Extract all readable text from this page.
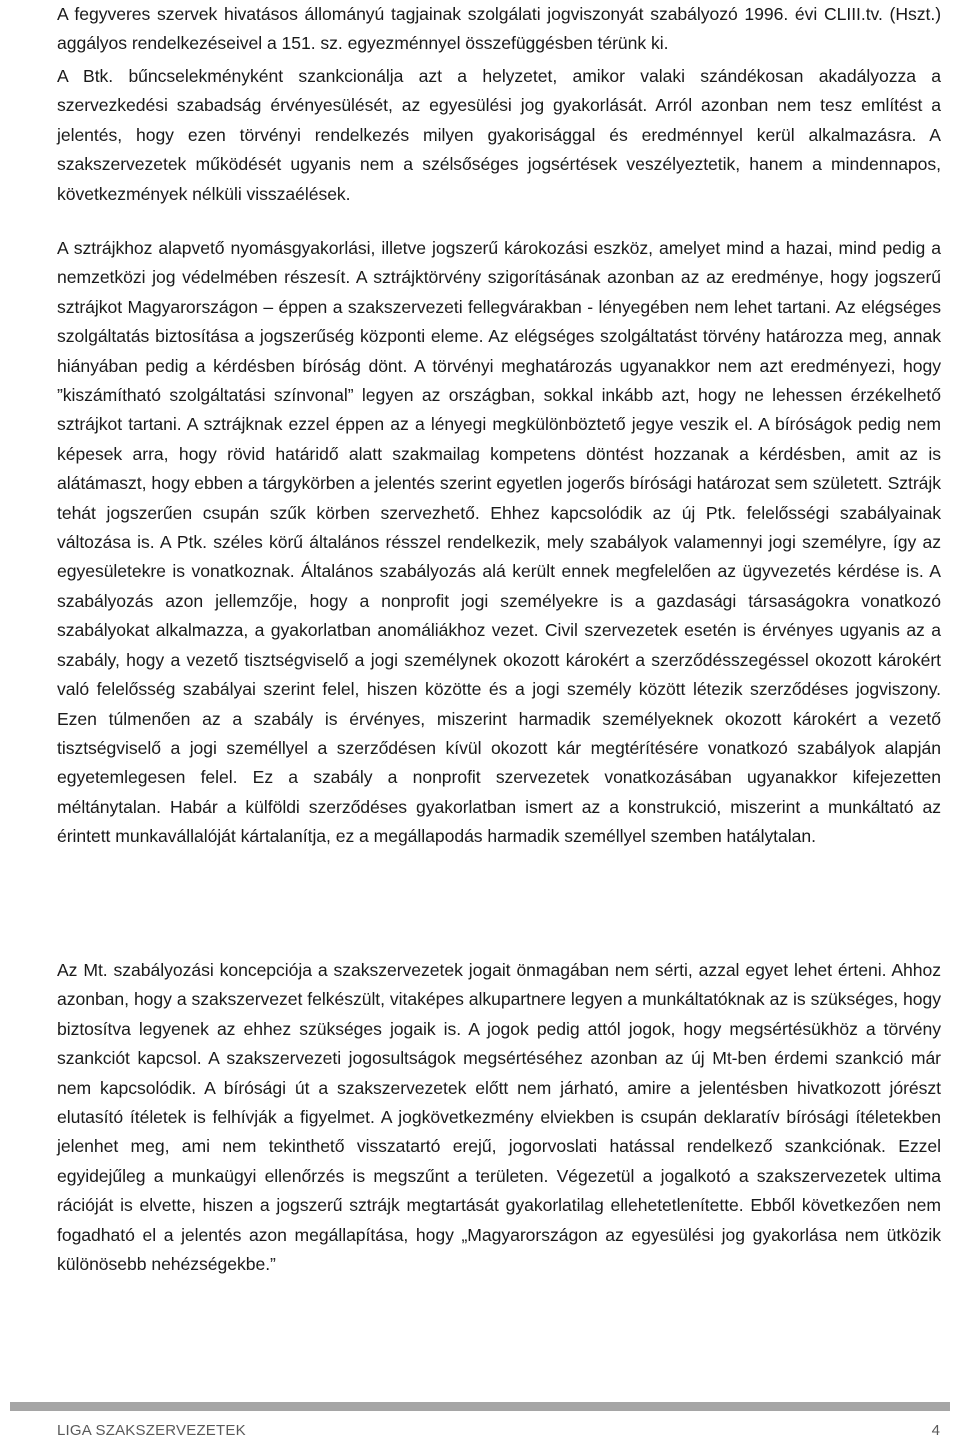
A fegyveres szervek hivatásos állományú tagjainak szolgálati jogviszonyát szabályozó 1996. évi CLIII.tv. (Hszt.) aggályos rendelkezéseivel a 151. sz. egyezménnyel összefüggésben térünk ki.

A Btk. bűncselekményként szankcionálja azt a helyzetet, amikor valaki szándékosan akadályozza a szervezkedési szabadság érvényesülését, az egyesülési jog gyakorlását. Arról azonban nem tesz említést a jelentés, hogy ezen törvényi rendelkezés milyen gyakorisággal és eredménnyel kerül alkalmazásra. A szakszervezetek működését ugyanis nem a szélsőséges jogsértések veszélyeztetik, hanem a mindennapos, következmények nélküli visszaélések.

A sztrájkhoz alapvető nyomásgyakorlási, illetve jogszerű károkozási eszköz, amelyet mind a hazai, mind pedig a nemzetközi jog védelmében részesít. A sztrájktörvény szigorításának azonban az az eredménye, hogy jogszerű sztrájkot Magyarországon – éppen a szakszervezeti fellegvárakban - lényegében nem lehet tartani. Az elégséges szolgáltatás biztosítása a jogszerűség központi eleme. Az elégséges szolgáltatást törvény határozza meg, annak hiányában pedig a kérdésben bíróság dönt. A törvényi meghatározás ugyanakkor nem azt eredményezi, hogy ”kiszámítható szolgáltatási színvonal” legyen az országban, sokkal inkább azt, hogy ne lehessen érzékelhető sztrájkot tartani. A sztrájknak ezzel éppen az a lényegi megkülönböztető jegye veszik el. A bíróságok pedig nem képesek arra, hogy rövid határidő alatt szakmailag kompetens döntést hozzanak a kérdésben, amit az is alátámaszt, hogy ebben a tárgykörben a jelentés szerint egyetlen jogerős bírósági határozat sem született. Sztrájk tehát jogszerűen csupán szűk körben szervezhető. Ehhez kapcsolódik az új Ptk. felelősségi szabályainak változása is. A Ptk. széles körű általános résszel rendelkezik, mely szabályok valamennyi jogi személyre, így az egyesületekre is vonatkoznak. Általános szabályozás alá került ennek megfelelően az ügyvezetés kérdése is. A szabályozás azon jellemzője, hogy a nonprofit jogi személyekre is a gazdasági társaságokra vonatkozó szabályokat alkalmazza, a gyakorlatban anomáliákhoz vezet. Civil szervezetek esetén is érvényes ugyanis az a szabály, hogy a vezető tisztségviselő a jogi személynek okozott károkért a szerződésszegéssel okozott károkért való felelősség szabályai szerint felel, hiszen közötte és a jogi személy között létezik szerződéses jogviszony. Ezen túlmenően az a szabály is érvényes, miszerint harmadik személyeknek okozott károkért a vezető tisztségviselő a jogi személlyel a szerződésen kívül okozott kár megtérítésére vonatkozó szabályok alapján egyetemlegesen felel. Ez a szabály a nonprofit szervezetek vonatkozásában ugyanakkor kifejezetten méltánytalan. Habár a külföldi szerződéses gyakorlatban ismert az a konstrukció, miszerint a munkáltató az érintett munkavállalóját kártalanítja, ez a megállapodás harmadik személlyel szemben hatálytalan.

Az Mt. szabályozási koncepciója a szakszervezetek jogait önmagában nem sérti, azzal egyet lehet érteni. Ahhoz azonban, hogy a szakszervezet felkészült, vitaképes alkupartnere legyen a munkáltatóknak az is szükséges, hogy biztosítva legyenek az ehhez szükséges jogaik is. A jogok pedig attól jogok, hogy megsértésükhöz a törvény szankciót kapcsol. A szakszervezeti jogosultságok megsértéséhez azonban az új Mt-ben érdemi szankció már nem kapcsolódik. A bírósági út a szakszervezetek előtt nem járható, amire a jelentésben hivatkozott jórészt elutasító ítéletek is felhívják a figyelmet. A jogkövetkezmény elviekben is csupán deklaratív bírósági ítéletekben jelenhet meg, ami nem tekinthető visszatartó erejű, jogorvoslati hatással rendelkező szankciónak. Ezzel egyidejűleg a munkaügyi ellenőrzés is megszűnt a területen. Végezetül a jogalkotó a szakszervezetek ultima rációját is elvette, hiszen a jogszerű sztrájk megtartását gyakorlatilag ellehetetlenítette. Ebből következően nem fogadható el a jelentés azon megállapítása, hogy „Magyarországon az egyesülési jog gyakorlása nem ütközik különösebb nehézségekbe.”

LIGA SZAKSZERVEZETEK	4
